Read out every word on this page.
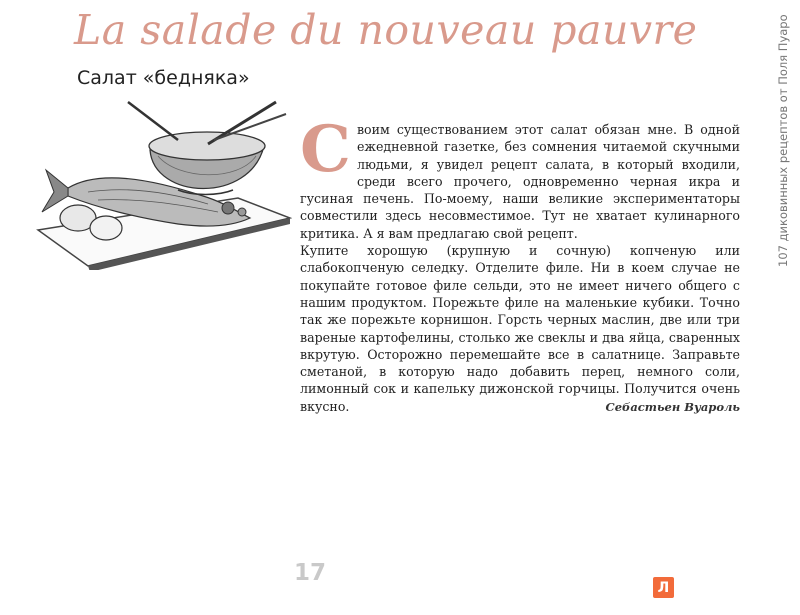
La salade du nouveau pauvre
Салат «бедняка»	107 диковинных рецептов от Поля Пуаро
С воим существованием этот салат обязан мне. В одной ежедневной газетке, без сомнения читаемой скучными людьми, я увидел рецепт салата, в который входили, среди всего прочего, одновременно черная икра и гусиная печень. По-моему, наши великие экспериментаторы совместили здесь несовместимое. Тут не хватает кулинарного критика. А я вам предлагаю свой рецепт.

Купите хорошую (крупную и сочную) копченую или слабокопченую селедку. Отделите филе. Ни в коем случае не покупайте готовое филе сельди, это не имеет ничего общего с нашим продуктом. Порежьте филе на маленькие кубики. Точно так же порежьте корнишон. Горсть черных маслин, две или три вареные картофелины, столько же свеклы и два яйца, сваренных вкрутую. Осторожно перемешайте все в салатнице. Заправьте сметаной, в которую надо добавить перец, немного соли, лимонный сок и капельку дижонской горчицы. Получится очень вкусно.	Себастьен Вуароль
17
Л
